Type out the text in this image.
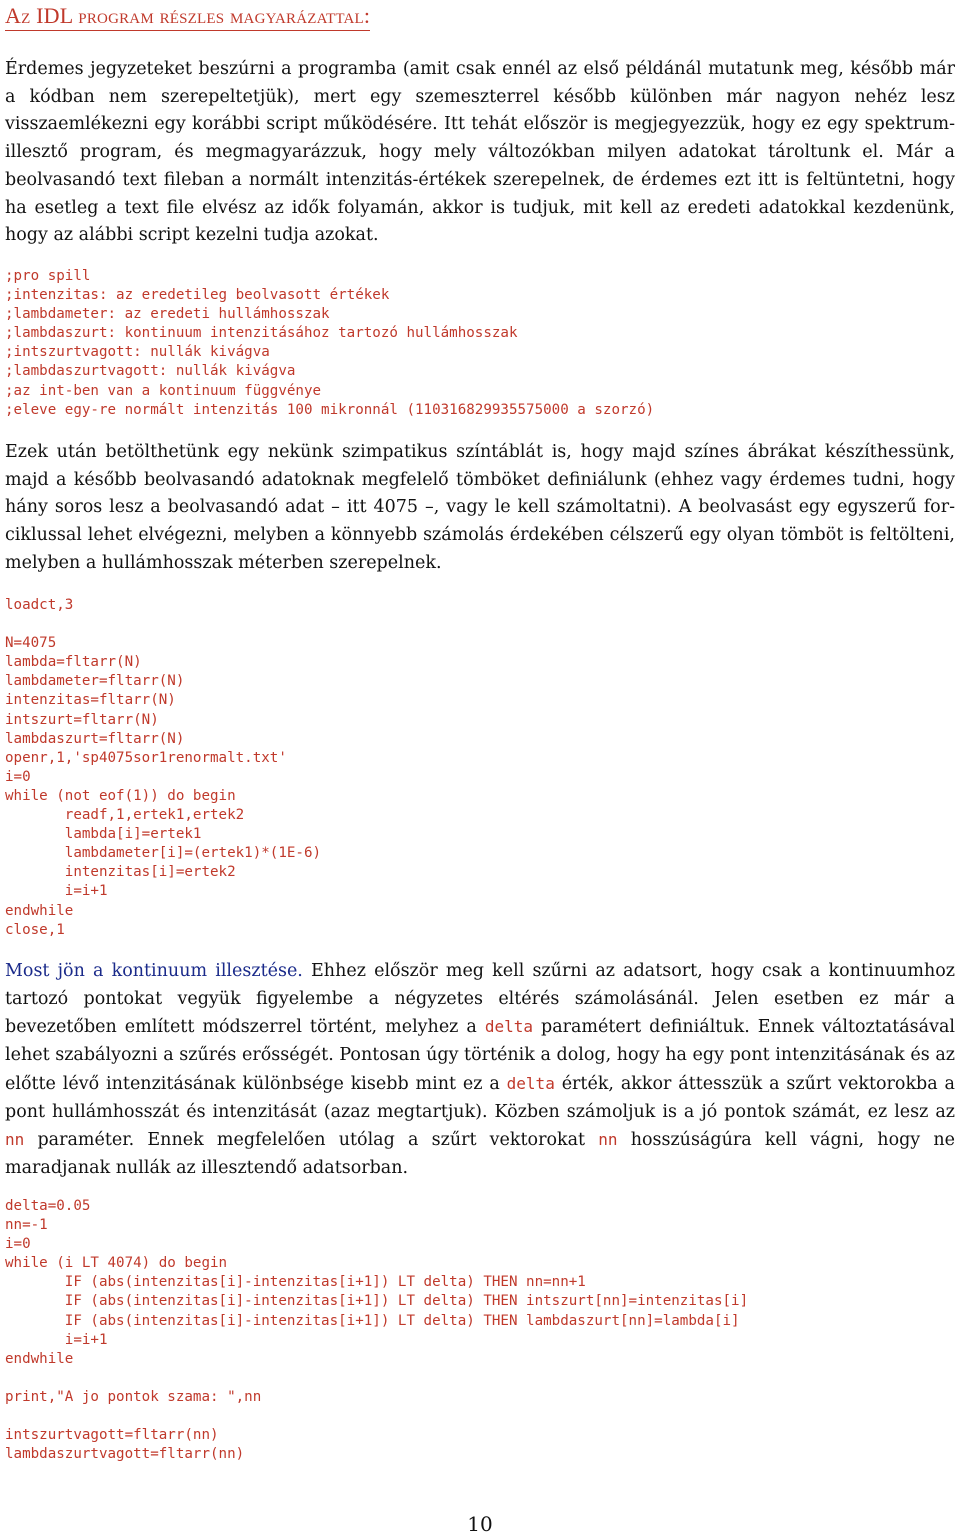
Az IDL program részles magyarázattal:

Érdemes jegyzeteket beszúrni a programba (amit csak ennél az első példánál mutatunk meg, később már a kódban nem szerepeltetjük), mert egy szemeszterrel később különben már nagyon nehéz lesz visszaemlékezni egy korábbi script működésére. Itt tehát először is megjegyezzük, hogy ez egy spektrum-illesztő program, és megmagyarázzuk, hogy mely változókban milyen adatokat tároltunk el. Már a beolvasandó text fileban a normált intenzitás-értékek szerepelnek, de érdemes ezt itt is feltüntetni, hogy ha esetleg a text file elvész az idők folyamán, akkor is tudjuk, mit kell az eredeti adatokkal kezdenünk, hogy az alábbi script kezelni tudja azokat.

;pro spill
;intenzitas: az eredetileg beolvasott értékek
;lambdameter: az eredeti hullámhosszak
;lambdaszurt: kontinuum intenzitásához tartozó hullámhosszak
;intszurtvagott: nullák kivágva
;lambdaszurtvagott: nullák kivágva
;az int-ben van a kontinuum függvénye
;eleve egy-re normált intenzitás 100 mikronnál (110316829935575000 a szorzó)

Ezek után betölthetünk egy nekünk szimpatikus színtáblát is, hogy majd színes ábrákat készíthessünk, majd a később beolvasandó adatoknak megfelelő tömböket definiálunk (ehhez vagy érdemes tudni, hogy hány soros lesz a beolvasandó adat – itt 4075 –, vagy le kell számoltatni). A beolvasást egy egyszerű for-ciklussal lehet elvégezni, melyben a könnyebb számolás érdekében célszerű egy olyan tömböt is feltölteni, melyben a hullámhosszak méterben szerepelnek.

loadct,3
N=4075
lambda=fltarr(N)
lambdameter=fltarr(N)
intenzitas=fltarr(N)
intszurt=fltarr(N)
lambdaszurt=fltarr(N)
openr,1,'sp4075sor1renormalt.txt'
i=0
while (not eof(1)) do begin
readf,1,ertek1,ertek2
lambda[i]=ertek1
lambdameter[i]=(ertek1)*(1E-6)
intenzitas[i]=ertek2
i=i+1
endwhile
close,1

Most jön a kontinuum illesztése. Ehhez először meg kell szűrni az adatsort, hogy csak a kontinuumhoz tartozó pontokat vegyük figyelembe a négyzetes eltérés számolásánál. Jelen esetben ez már a bevezetőben említett módszerrel történt, melyhez a delta paramétert definiáltuk. Ennek változtatásával lehet szabályozni a szűrés erősségét. Pontosan úgy történik a dolog, hogy ha egy pont intenzitásának és az előtte lévő intenzitásának különbsége kisebb mint ez a delta érték, akkor áttesszük a szűrt vektorokba a pont hullámhosszát és intenzitását (azaz megtartjuk). Közben számoljuk is a jó pontok számát, ez lesz az nn paraméter. Ennek megfelelően utólag a szűrt vektorokat nn hosszúságúra kell vágni, hogy ne maradjanak nullák az illesztendő adatsorban.

delta=0.05
nn=-1
i=0
while (i LT 4074) do begin
IF (abs(intenzitas[i]-intenzitas[i+1]) LT delta) THEN nn=nn+1
IF (abs(intenzitas[i]-intenzitas[i+1]) LT delta) THEN intszurt[nn]=intenzitas[i]
IF (abs(intenzitas[i]-intenzitas[i+1]) LT delta) THEN lambdaszurt[nn]=lambda[i]
i=i+1
endwhile
print,"A jo pontok szama: ",nn
intszurtvagott=fltarr(nn)
lambdaszurtvagott=fltarr(nn)
10
